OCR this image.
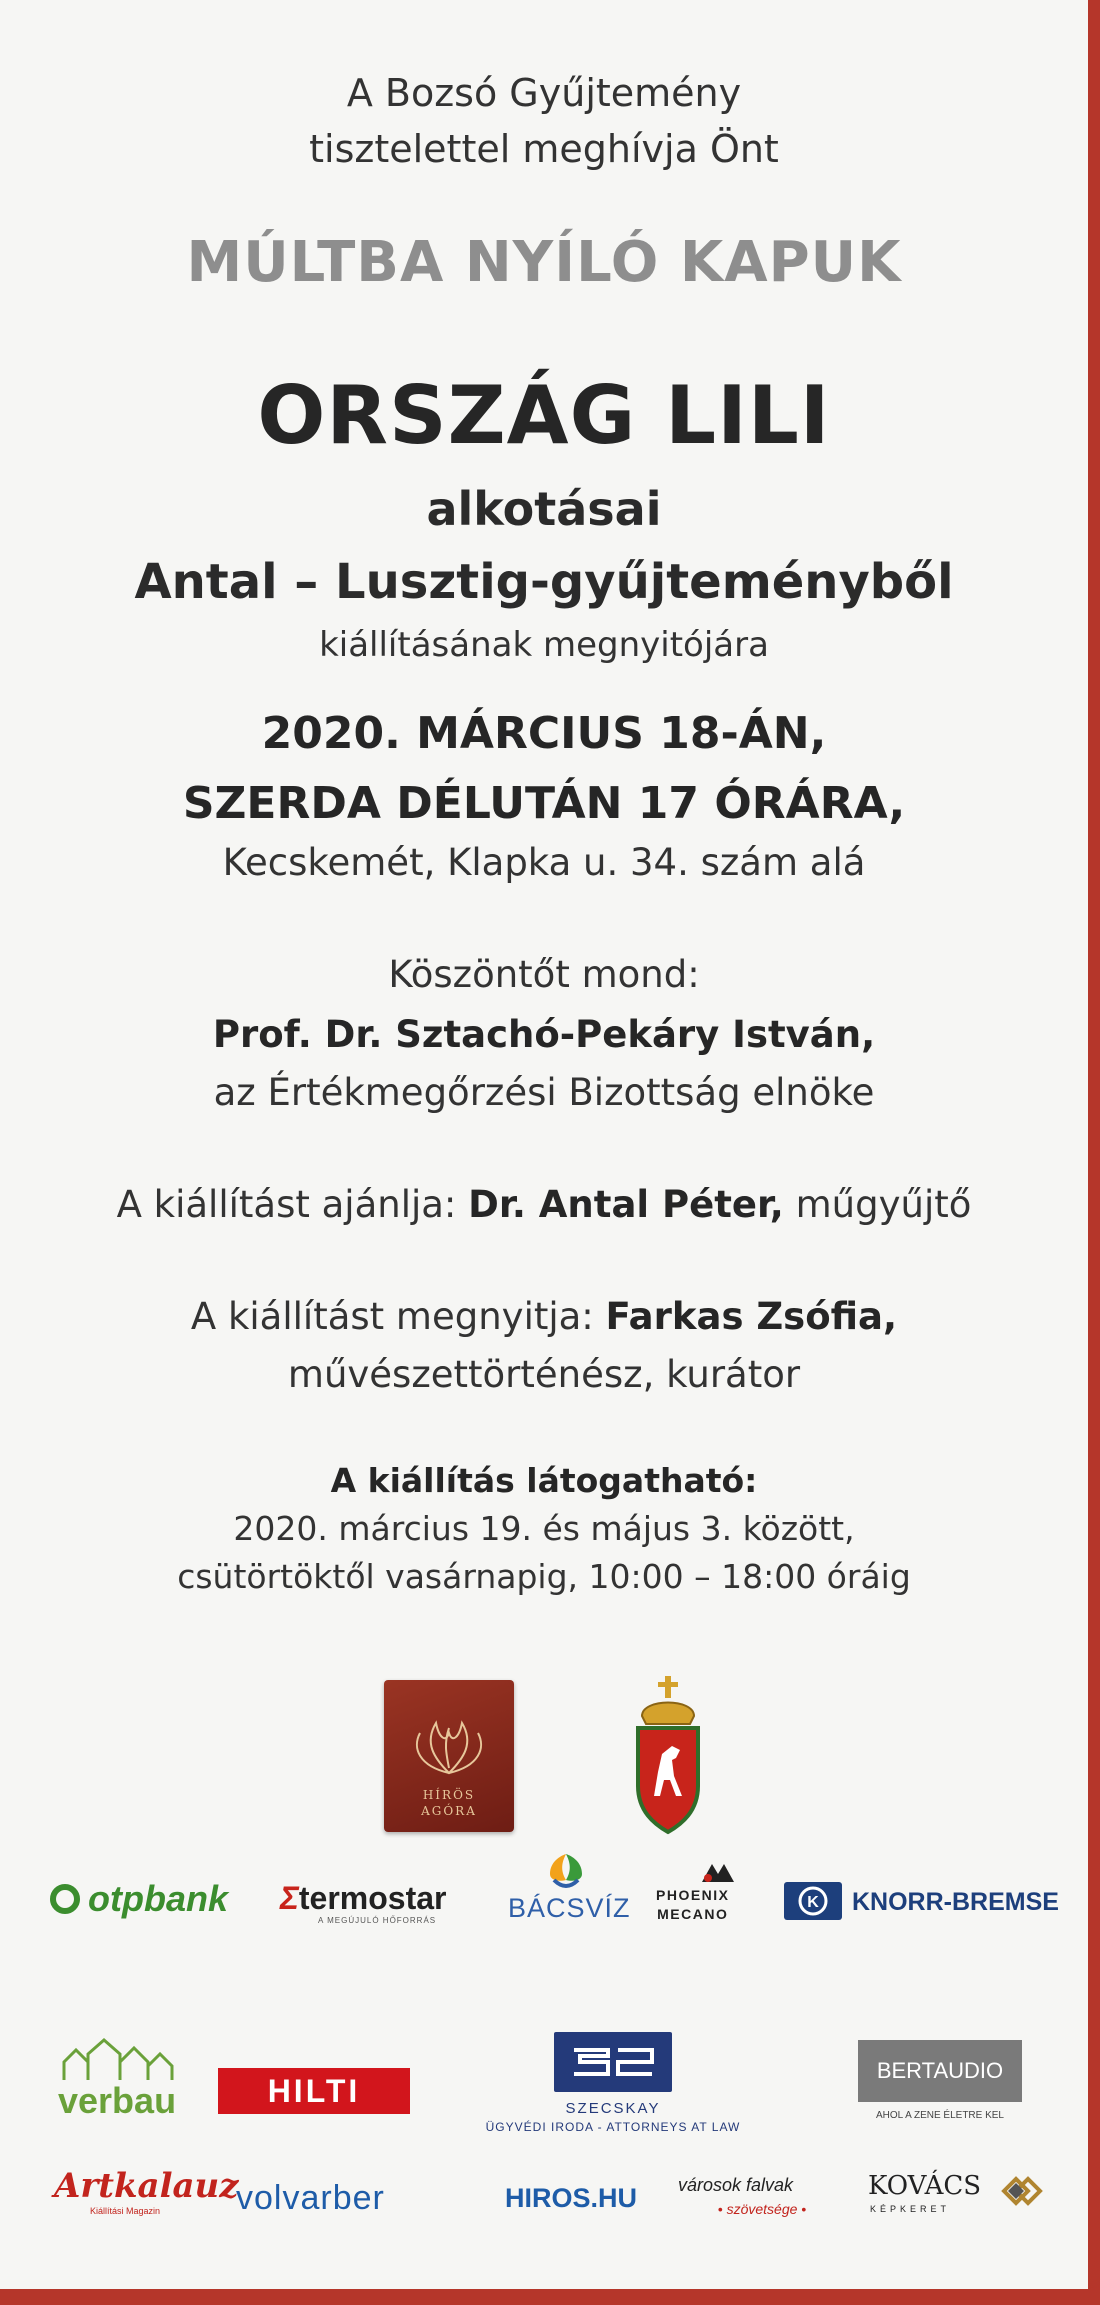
A Bozsó Gyűjtemény
tisztelettel meghívja Önt
MÚLTBA NYÍLÓ KAPUK
ORSZÁG LILI
alkotásai
Antal – Lusztig-gyűjteményből
kiállításának megnyitójára
2020. MÁRCIUS 18-ÁN,
SZERDA DÉLUTÁN 17 ÓRÁRA,
Kecskemét, Klapka u. 34. szám alá
Köszöntőt mond:
Prof. Dr. Sztachó-Pekáry István,
az Értékmegőrzési Bizottság elnöke
A kiállítást ajánlja: Dr. Antal Péter, műgyűjtő
A kiállítást megnyitja: Farkas Zsófia,
művészettörténész, kurátor
A kiállítás látogatható:
2020. március 19. és május 3. között,
csütörtöktől vasárnapig, 10:00 – 18:00 óráig
HÍRÖS
AGÓRA
otpbank Ʃtermostar
A MEGÚJULÓ HŐFORRÁS	BÁCSVÍZ PHOENIX
MECANO
K KNORR-BREMSE
verbau	HILTI	SZECSKAY
ÜGYVÉDI IRODA - ATTORNEYS AT LAW
BERTAUDIO
AHOL A ZENE ÉLETRE KEL
Artkalauz
Kiállítási Magazin volvarber	HIROS.HU városok falvak
• szövetsége •
KOVÁCS
KÉPKERET
